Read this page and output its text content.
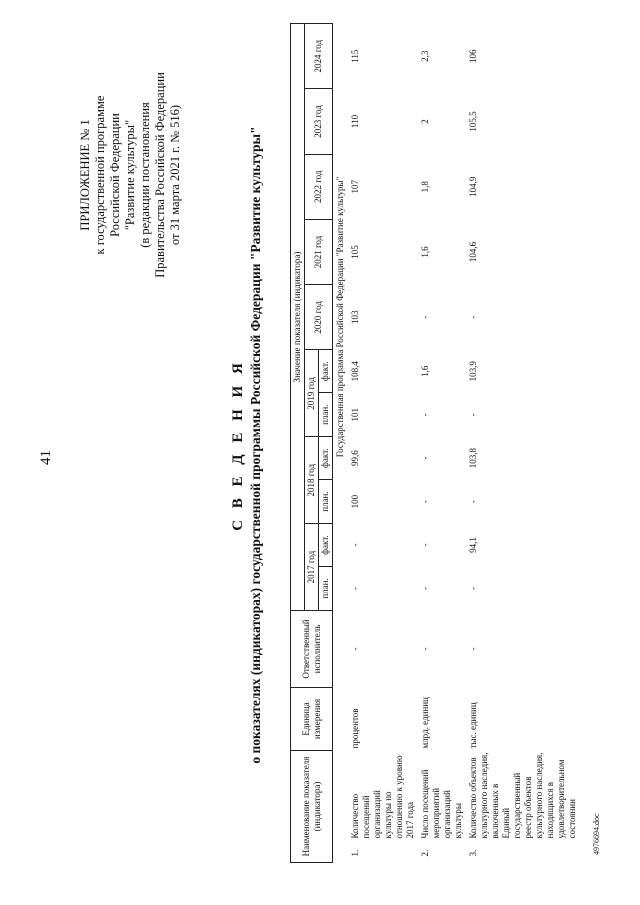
41
ПРИЛОЖЕНИЕ № 1 к государственной программе Российской Федерации "Развитие культуры" (в редакции постановления Правительства Российской Федерации от 31 марта 2021 г. № 516)
С В Е Д Е Н И Я о показателях (индикаторах) государственной программы Российской Федерации "Развитие культуры"
Наименование показателя (индикатора)		Единица измерения	Ответственный исполнитель	Значение показателя (индикатора)										
				2017 год		2018 год		2019 год		2020 год	2021 год	2022 год	2023 год	2024 год
				план.	факт.	план.	факт.	план.	факт.					
				Государственная программа Российской Федерации "Развитие культуры"										
1.	Количество посещений организаций культуры по отношению к уровню 2017 года	процентов	-	-	-	100	99,6	101	108,4	103	105	107	110	115
2.	Число посещений мероприятий организаций культуры	млрд. единиц	-	-	-	-	-	-	1,6	-	1,6	1,8	2	2,3
3.	Количество объектов культурного наследия, включенных в Единый государственный реестр объектов культурного наследия, находящихся в удовлетворительном состоянии	тыс. единиц	-	-	94,1	-	103,8	-	103,9	-	104,6	104,9	105,5	106
4976694.doc
